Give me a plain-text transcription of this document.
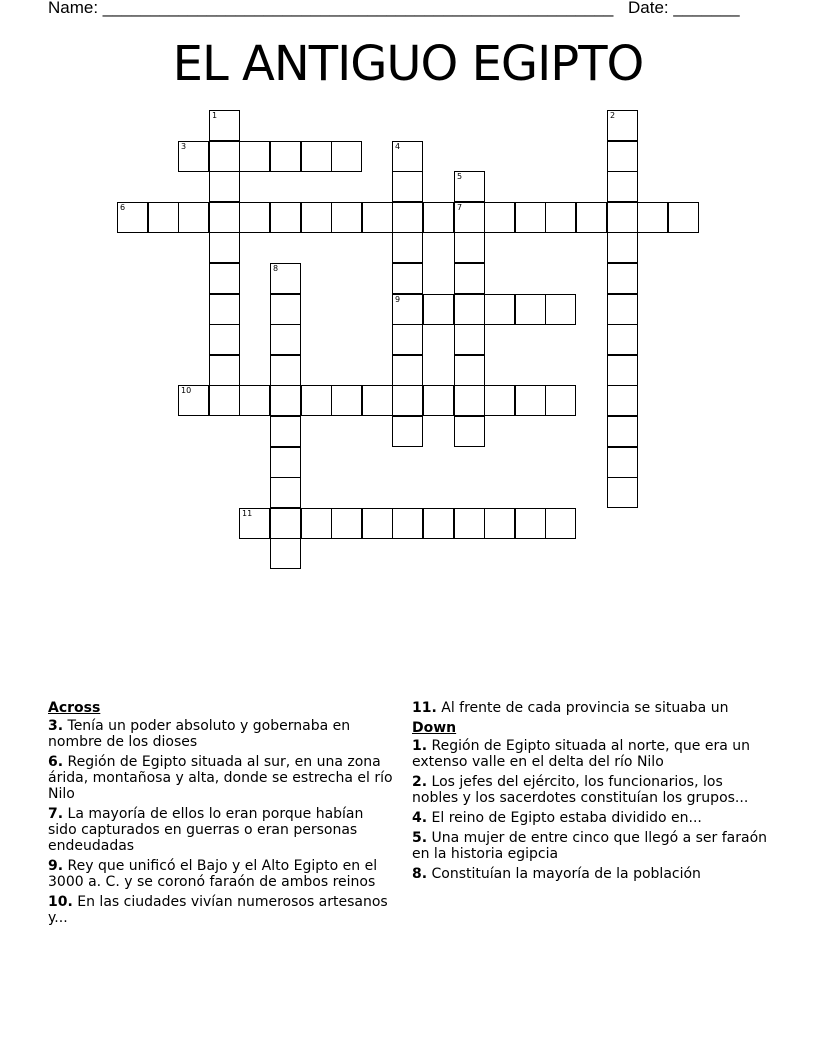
Name: ______________________________________________________ Date: _______
EL ANTIGUO EGIPTO
1	2
3	4
9
5
7
6
8
10
11
Across
3. Tenía un poder absoluto y gobernaba en nombre de los dioses
6. Región de Egipto situada al sur, en una zona árida, montañosa y alta, donde se estrecha el río Nilo
7. La mayoría de ellos lo eran porque habían sido capturados en guerras o eran personas endeudadas
9. Rey que unificó el Bajo y el Alto Egipto en el 3000 a. C. y se coronó faraón de ambos reinos
10. En las ciudades vivían numerosos artesanos y...
11. Al frente de cada provincia se situaba un
Down
1. Región de Egipto situada al norte, que era un extenso valle en el delta del río Nilo
2. Los jefes del ejército, los funcionarios, los nobles y los sacerdotes constituían los grupos...
4. El reino de Egipto estaba dividido en...
5. Una mujer de entre cinco que llegó a ser faraón en la historia egipcia
8. Constituían la mayoría de la población
